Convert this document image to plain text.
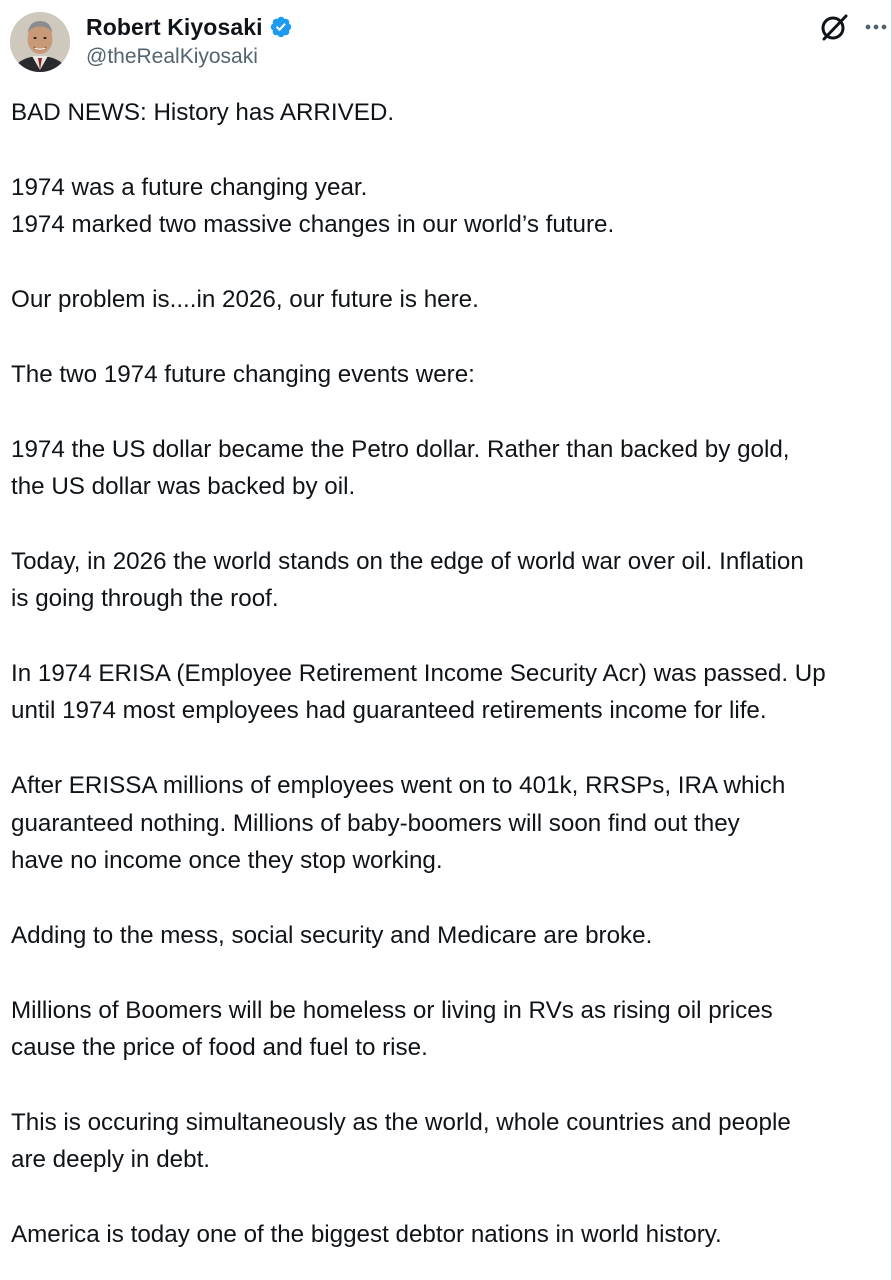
Robert Kiyosaki
@theRealKiyosaki

BAD NEWS: History has ARRIVED.

1974 was a future changing year.
1974 marked two massive changes in our world’s future.

Our problem is....in 2026, our future is here.

The two 1974 future changing events were:

1974 the US dollar became the Petro dollar. Rather than backed by gold,
the US dollar was backed by oil.

Today, in 2026 the world stands on the edge of world war over oil. Inflation
is going through the roof.

In 1974 ERISA (Employee Retirement Income Security Acr) was passed. Up
until 1974 most employees had guaranteed retirements income for life.

After ERISSA millions of employees went on to 401k, RRSPs, IRA which
guaranteed nothing. Millions of baby-boomers will soon find out they
have no income once they stop working.

Adding to the mess, social security and Medicare are broke.

Millions of Boomers will be homeless or living in RVs as rising oil prices
cause the price of food and fuel to rise.

This is occuring simultaneously as the world, whole countries and people
are deeply in debt.

America is today one of the biggest debtor nations in world history.
